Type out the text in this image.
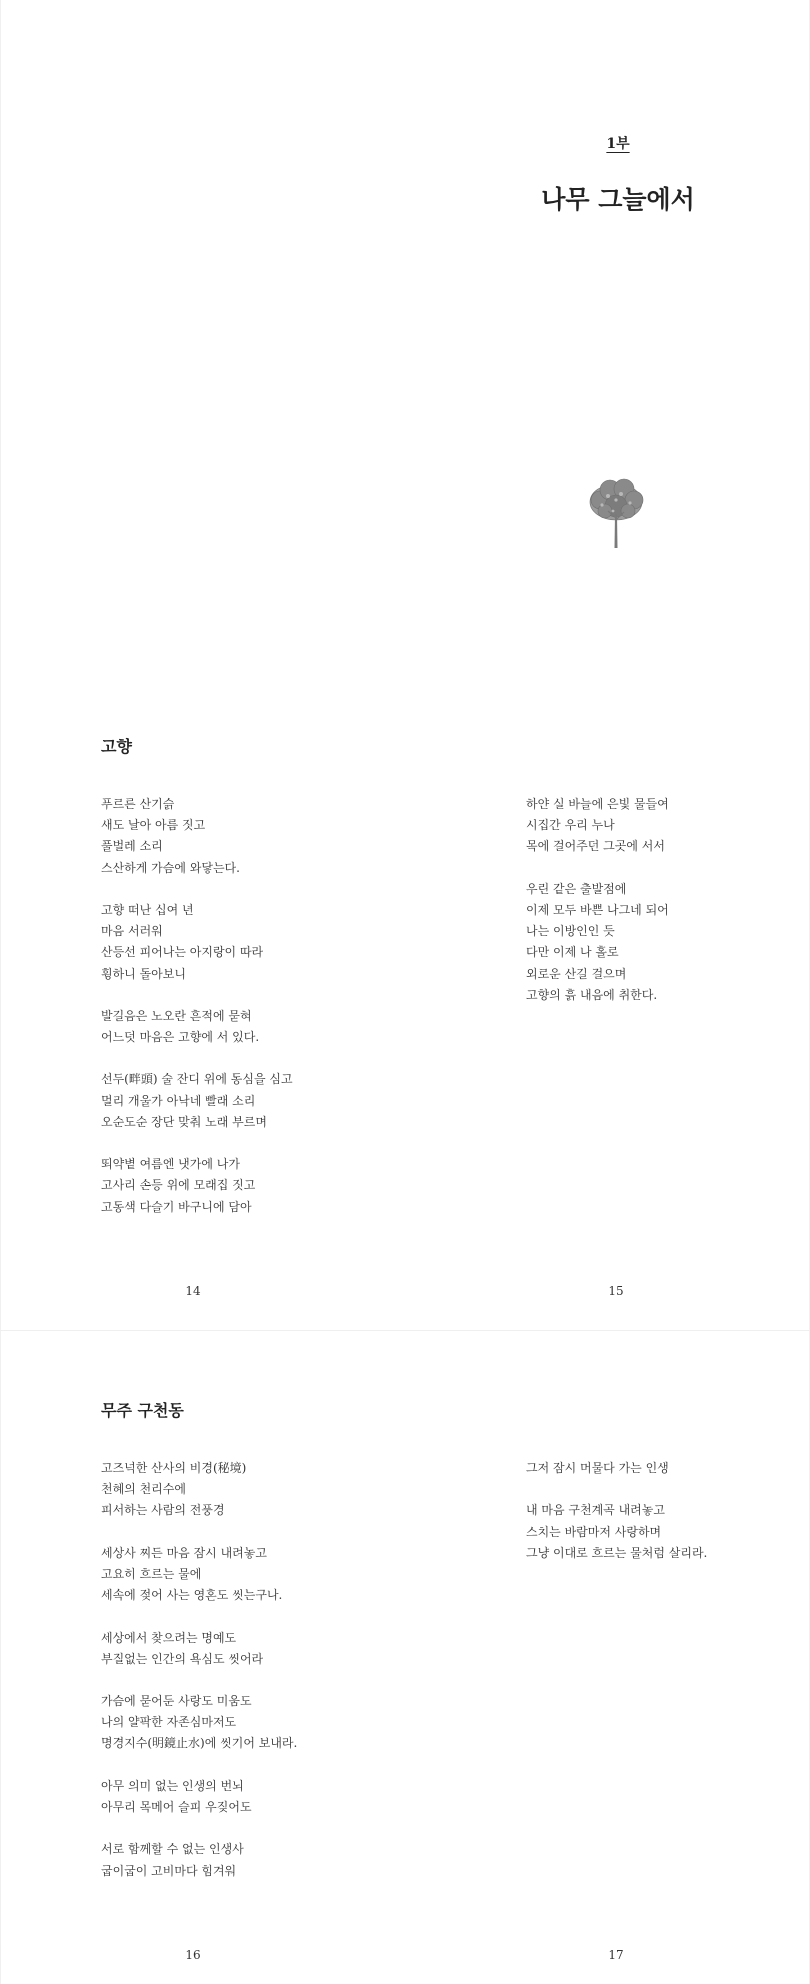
1부
나무 그늘에서
고향
푸르른 산기슭
새도 날아 아름 짓고
풀벌레 소리
스산하게 가슴에 와닿는다.
고향 떠난 십여 년
마음 서러워
산등선 피어나는 아지랑이 따라
휭하니 돌아보니
발길음은 노오란 흔적에 묻혀
어느덧 마음은 고향에 서 있다.
선두(畔頭) 술 잔디 위에 동심을 심고
멀리 개울가 아낙네 빨래 소리
오순도순 장단 맞춰 노래 부르며
뙤약볕 여름엔 냇가에 나가
고사리 손등 위에 모래집 짓고
고동색 다슬기 바구니에 담아
하얀 실 바늘에 은빛 물들여
시집간 우리 누나
목에 걸어주던 그곳에 서서
우린 같은 출발점에
이제 모두 바쁜 나그네 되어
나는 이방인인 듯
다만 이제 나 홀로
외로운 산길 걸으며
고향의 흙 내음에 취한다.
14	15
무주 구천동
고즈넉한 산사의 비경(秘境)
천혜의 천리수에
피서하는 사람의 전풍경
세상사 찌든 마음 잠시 내려놓고
고요히 흐르는 물에
세속에 젖어 사는 영혼도 씻는구나.
세상에서 찾으려는 명예도
부질없는 인간의 욕심도 씻어라
가슴에 묻어둔 사랑도 미움도
나의 얄팍한 자존심마저도
명경지수(明鏡止水)에 씻기어 보내라.
아무 의미 없는 인생의 번뇌
아무리 목메어 슬피 우짖어도
서로 함께할 수 없는 인생사
굽이굽이 고비마다 힘겨워
그저 잠시 머물다 가는 인생
내 마음 구천계곡 내려놓고
스치는 바람마저 사랑하며
그냥 이대로 흐르는 물처럼 살리라.
16	17
